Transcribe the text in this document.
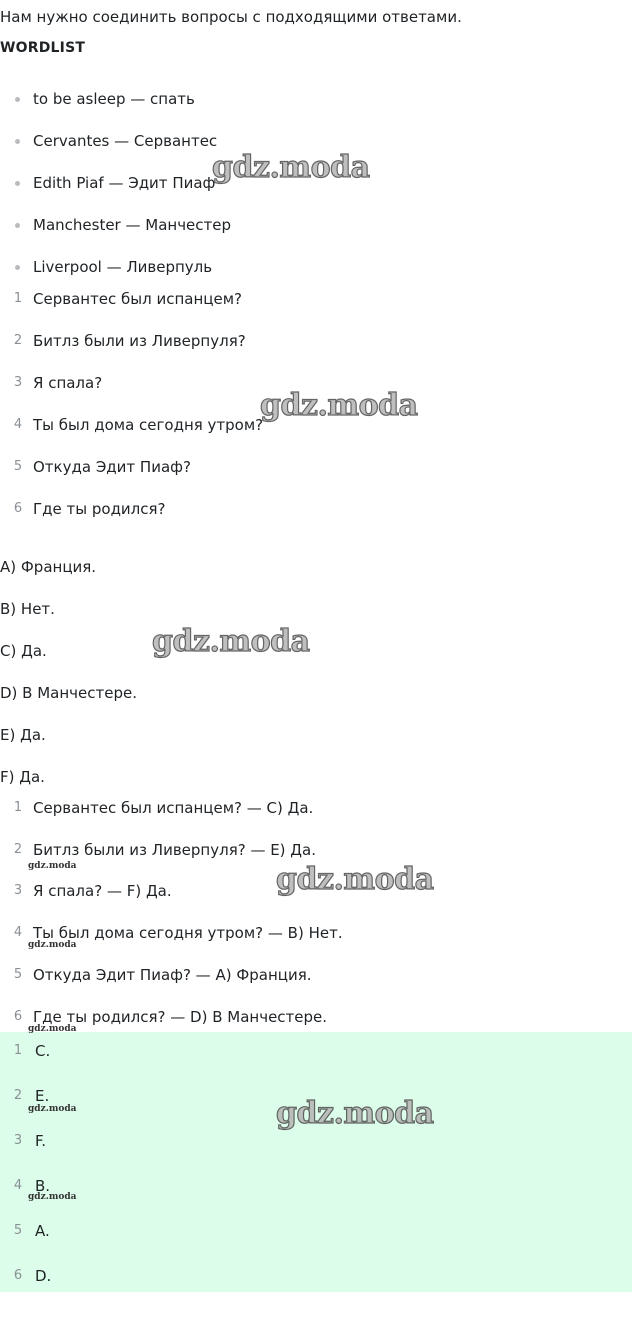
Нам нужно соединить вопросы с подходящими ответами.
WORDLIST
to be asleep — спать
Cervantes — Сервантес
Edith Piaf — Эдит Пиаф
Manchester — Манчестер
Liverpool — Ливерпуль
1 Сервантес был испанцем?
2 Битлз были из Ливерпуля?
3 Я спала?
4 Ты был дома сегодня утром?
5 Откуда Эдит Пиаф?
6 Где ты родился?
A) Франция.
B) Нет.
C) Да.
D) В Манчестере.
E) Да.
F) Да.
1 Сервантес был испанцем? — C) Да.
2 Битлз были из Ливерпуля? — E) Да.
3 Я спала? — F) Да.
4 Ты был дома сегодня утром? — B) Нет.
5 Откуда Эдит Пиаф? — A) Франция.
6 Где ты родился? — D) В Манчестере.
1 C.
2 E.
3 F.
4 B.
5 A.
6 D.
gdz.moda
gdz.moda
gdz.moda
gdz.moda
gdz.moda
gdz.moda
gdz.moda
gdz.moda
gdz.moda
gdz.moda
